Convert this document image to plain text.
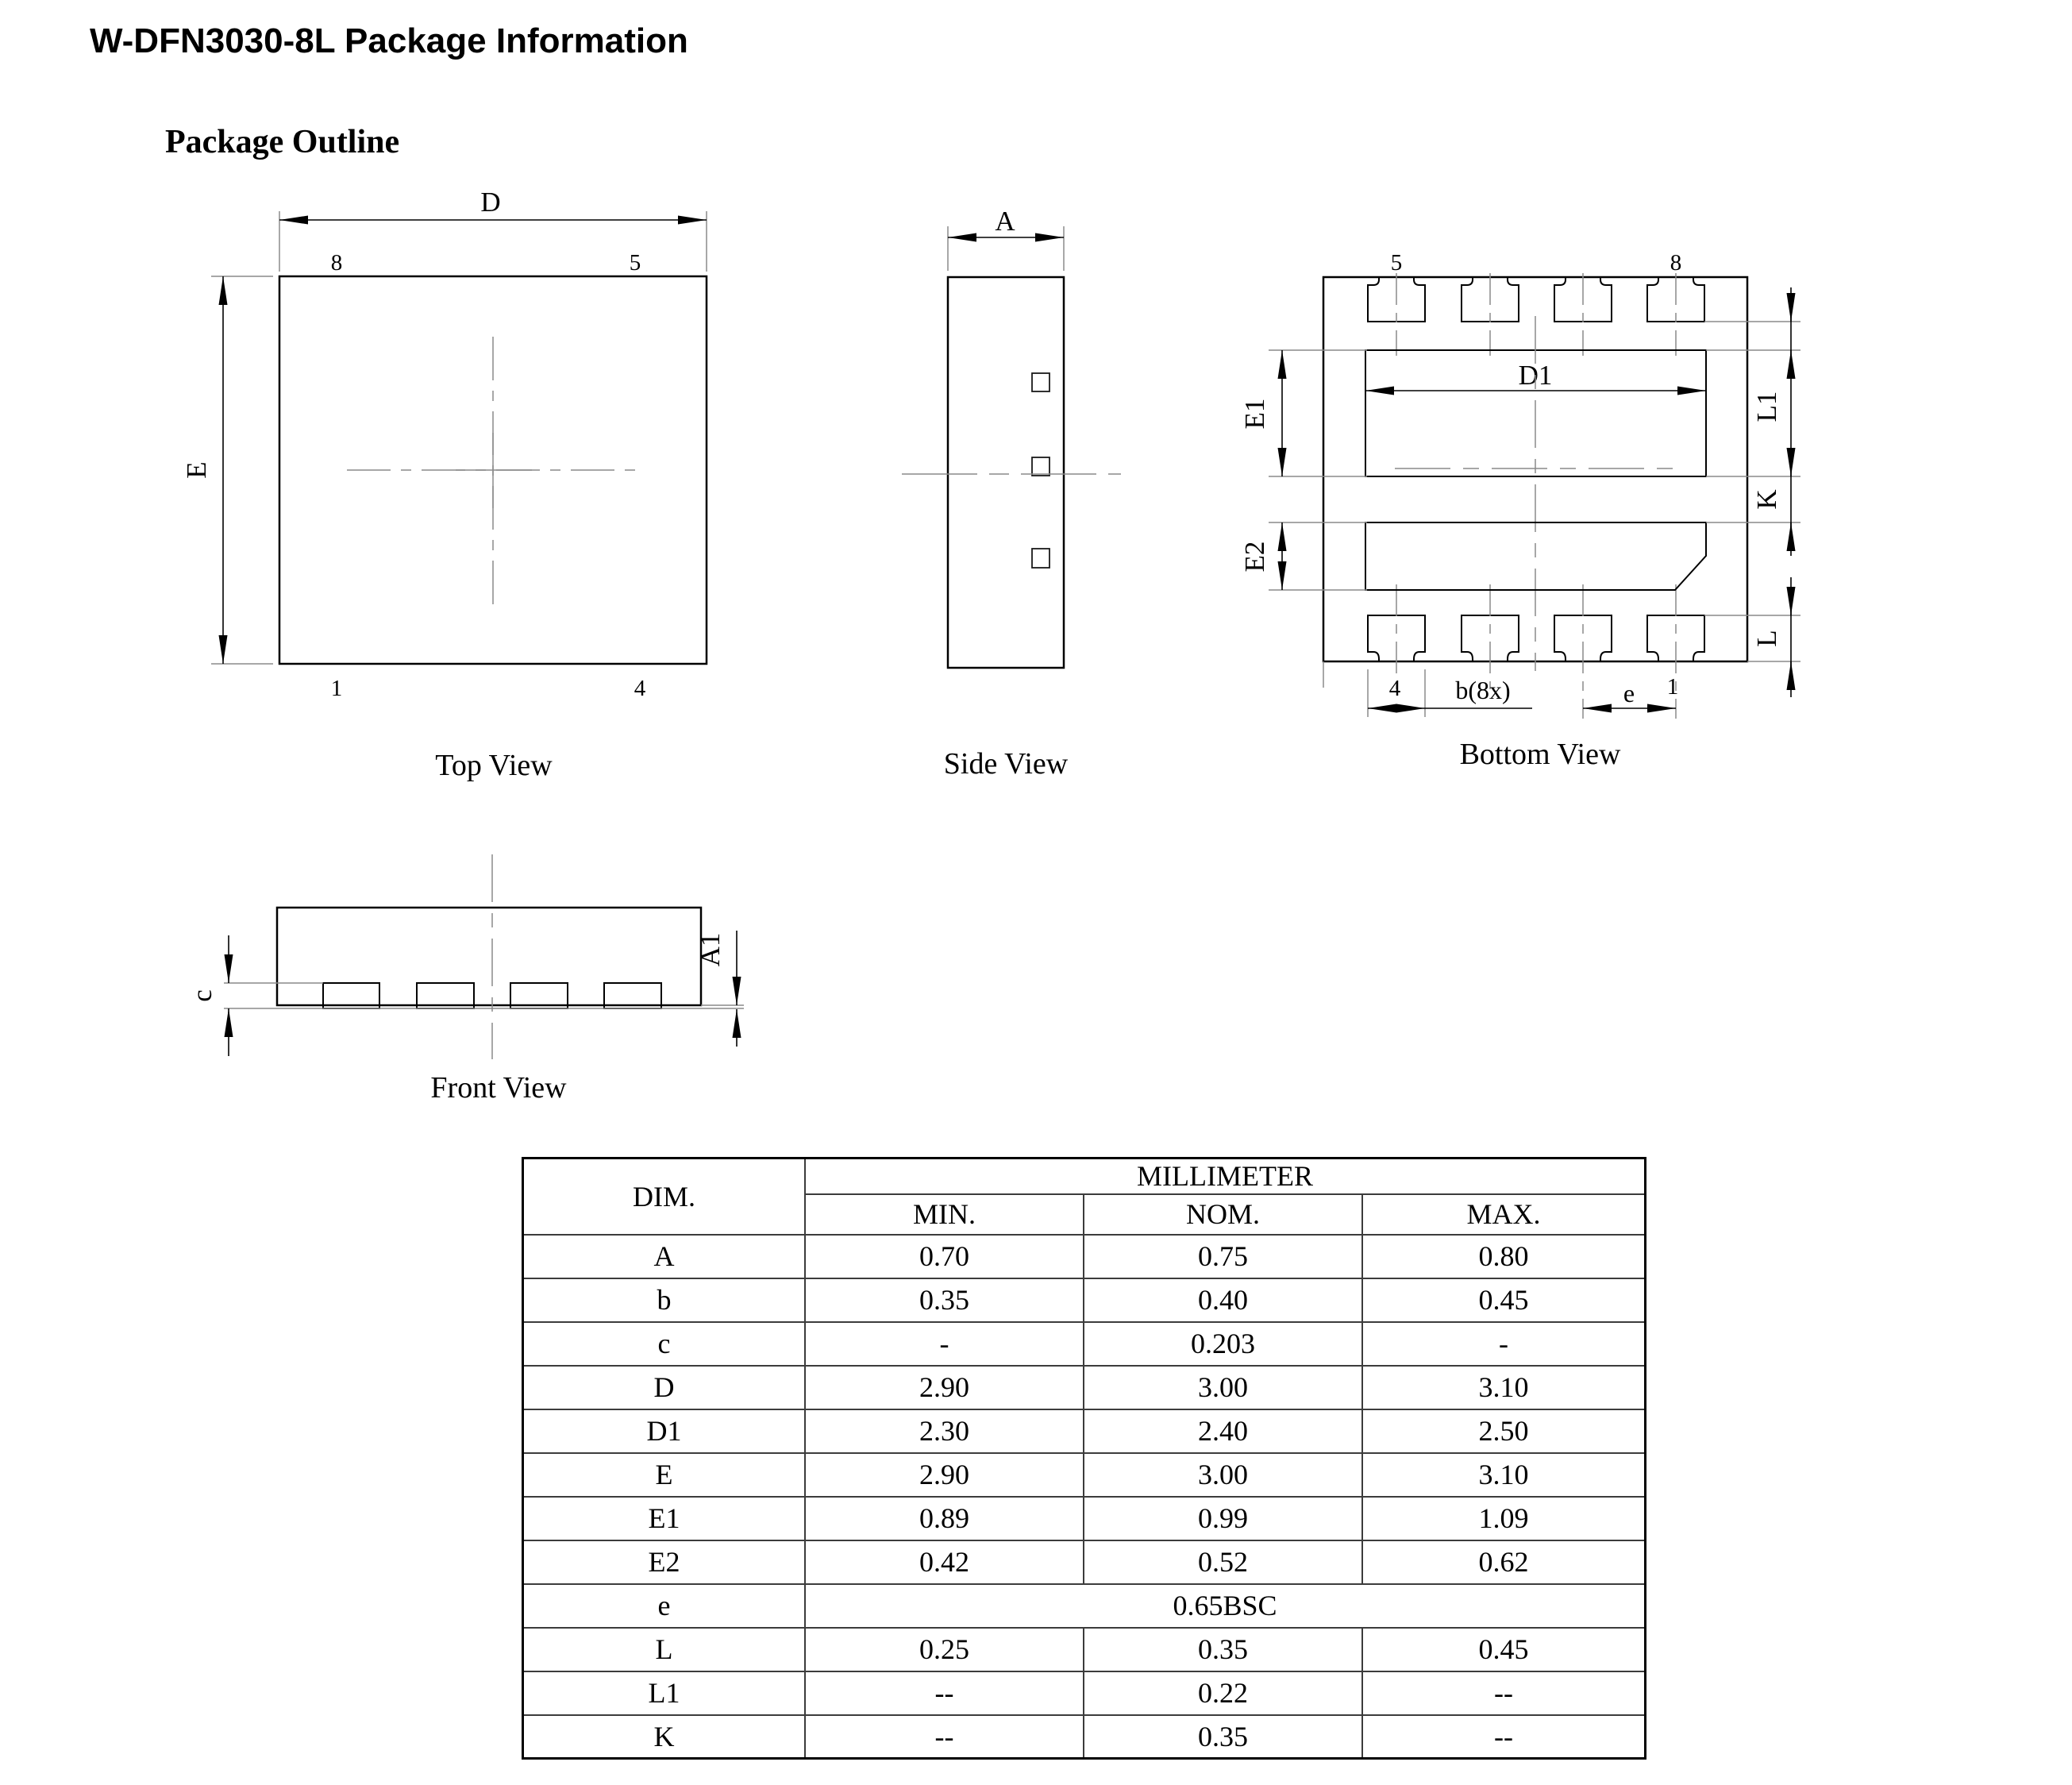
W-DFN3030-8L Package Information
Package Outline
D
E
8	5
1	4
Top View
A
Side View
D1
E1
E2
L1
K
L
5	8
4	1
b(8x)	e
Bottom View
c
A1
Front View
DIM.	MILLIMETER		
	MIN.	NOM.	MAX.
A	0.70	0.75	0.80
b	0.35	0.40	0.45
c	-	0.203	-
D	2.90	3.00	3.10
D1	2.30	2.40	2.50
E	2.90	3.00	3.10
E1	0.89	0.99	1.09
E2	0.42	0.52	0.62
e	0.65BSC		
L	0.25	0.35	0.45
L1	--	0.22	--
K	--	0.35	--
